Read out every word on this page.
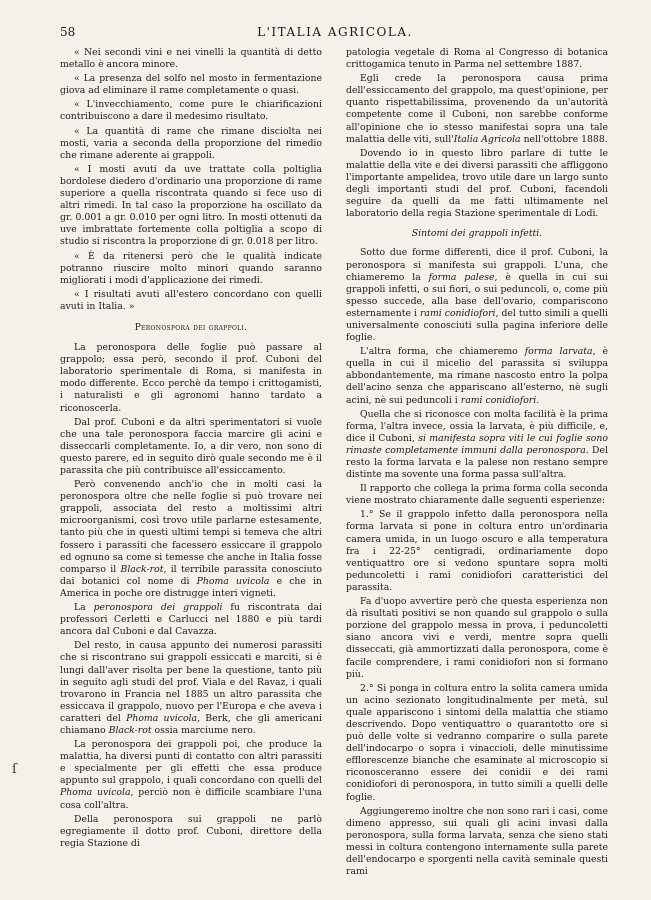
58	L'ITALIA AGRICOLA.

« Nei secondi vini e nei vinelli la quantità di detto metallo è ancora minore.

« La presenza del solfo nel mosto in fermentazione giova ad eliminare il rame completamente o quasi.

« L'invecchiamento, come pure le chiarificazioni contribuiscono a dare il medesimo risultato.

« La quantità di rame che rimane disciolta nei mosti, varia a seconda della proporzione del rimedio che rimane aderente ai grappoli.

« I mosti avuti da uve trattate colla poltiglia bordolese diedero d'ordinario una proporzione di rame superiore a quella riscontrata quando si fece uso di altri rimedi. In tal caso la proporzione ha oscillato da gr. 0.001 a gr. 0.010 per ogni litro. In mosti ottenuti da uve imbrattate fortemente colla poltiglia a scopo di studio si riscontra la proporzione di gr. 0.018 per litro.

« È da ritenersi però che le qualità indicate potranno riuscire molto minori quando saranno migliorati i modi d'applicazione dei rimedi.

« I risultati avuti all'estero concordano con quelli avuti in Italia. »

Peronospora dei grappoli.

La peronospora delle foglie può passare al grappolo; essa però, secondo il prof. Cuboni del laboratorio sperimentale di Roma, si manifesta in modo differente. Ecco perchè da tempo i crittogamisti, i naturalisti e gli agronomi hanno tardato a riconoscerla.

Dal prof. Cuboni e da altri sperimentatori si vuole che una tale peronospora faccia marcire gli acini e disseccarli completamente. Io, a dir vero, non sono di questo parere, ed in seguito dirò quale secondo me è il parassita che più contribuisce all'essiccamento.

Però convenendo anch'io che in molti casi la peronospora oltre che nelle foglie si può trovare nei grappoli, associata del resto a moltissimi altri microorganismi, così trovo utile parlarne estesamente, tanto più che in questi ultimi tempi si temeva che altri fossero i parassiti che facessero essiccare il grappolo ed ognuno sa come si temesse che anche in Italia fosse comparso il Black-rot, il terribile parassita conosciuto dai botanici col nome di Phoma uvicola e che in America in poche ore distrugge interi vigneti.

La peronospora dei grappoli fu riscontrata dai professori Cerletti e Carlucci nel 1880 e più tardi ancora dal Cuboni e dal Cavazza.

Del resto, in causa appunto dei numerosi parassiti che si riscontrano sui grappoli essiccati e marciti, si è lungi dall'aver risolta per bene la questione, tanto più in seguito agli studi del prof. Viala e del Ravaz, i quali trovarono in Francia nel 1885 un altro parassita che essiccava il grappolo, nuovo per l'Europa e che aveva i caratteri del Phoma uvicola, Berk, che gli americani chiamano Black-rot ossia marciume nero.

La peronospora dei grappoli poi, che produce la malattia, ha diversi punti di contatto con altri parassiti e specialmente per gli effetti che essa produce appunto sul grappolo, i quali concordano con quelli del Phoma uvicola, perciò non è difficile scambiare l'una cosa coll'altra.

Della peronospora sui grappoli ne parlò egregiamente il dotto prof. Cuboni, direttore della regia Stazione di

patologia vegetale di Roma al Congresso di botanica crittogamica tenuto in Parma nel settembre 1887.

Egli crede la peronospora causa prima dell'essiccamento del grappolo, ma quest'opinione, per quanto rispettabilissima, provenendo da un'autorità competente come il Cuboni, non sarebbe conforme all'opinione che io stesso manifestai sopra una tale malattia delle viti, sull'Italia Agricola nell'ottobre 1888.

Dovendo io in questo libro parlare di tutte le malattie della vite e dei diversi parassiti che affliggono l'importante ampelidea, trovo utile dare un largo sunto degli importanti studi del prof. Cuboni, facendoli seguire da quelli da me fatti ultimamente nel laboratorio della regia Stazione sperimentale di Lodi.

Sintomi dei grappoli infetti.

Sotto due forme differenti, dice il prof. Cuboni, la peronospora si manifesta sui grappoli. L'una, che chiameremo la forma palese, è quella in cui sui grappoli infetti, o sui fiori, o sui peduncoli, o, come più spesso succede, alla base dell'ovario, compariscono esternamente i rami conidiofori, del tutto simili a quelli universalmente conosciuti sulla pagina inferiore delle foglie.

L'altra forma, che chiameremo forma larvata, è quella in cui il micelio del parassita si sviluppa abbondantemente, ma rimane nascosto entro la polpa dell'acino senza che appariscano all'esterno, nè sugli acini, nè sui peduncoli i rami conidiofori.

Quella che si riconosce con molta facilità è la prima forma, l'altra invece, ossia la larvata, è più difficile, e, dice il Cuboni, si manifesta sopra viti le cui foglie sono rimaste completamente immuni dalla peronospora. Del resto la forma larvata e la palese non restano sempre distinte ma sovente una forma passa sull'altra.

Il rapporto che collega la prima forma colla seconda viene mostrato chiaramente dalle seguenti esperienze:

1.° Se il grappolo infetto dalla peronospora nella forma larvata si pone in coltura entro un'ordinaria camera umida, in un luogo oscuro e alla temperatura fra i 22-25° centigradi, ordinariamente dopo ventiquattro ore si vedono spuntare sopra molti peduncoletti i rami conidiofori caratteristici del parassita.

Fa d'uopo avvertire però che questa esperienza non dà risultati positivi se non quando sul grappolo o sulla porzione del grappolo messa in prova, i peduncoletti siano ancora vivi e verdi, mentre sopra quelli disseccati, già ammortizzati dalla peronospora, come è facile comprendere, i rami conidiofori non si formano più.

2.° Si ponga in coltura entro la solita camera umida un acino sezionato longitudinalmente per metà, sul quale appariscono i sintomi della malattia che stiamo descrivendo. Dopo ventiquattro o quarantotto ore si può delle volte si vedranno comparire o sulla parete dell'indocarpo o sopra i vinaccioli, delle minutissime efflorescenze bianche che esaminate al microscopio si riconosceranno essere dei conidii e dei rami conidiofori di peronospora, in tutto simili a quelli delle foglie.

Aggiungeremo inoltre che non sono rari i casi, come dimeno appresso, sui quali gli acini invasi dalla peronospora, sulla forma larvata, senza che sieno stati messi in coltura contengono internamente sulla parete dell'endocarpo e sporgenti nella cavità seminale questi rami

ſ
